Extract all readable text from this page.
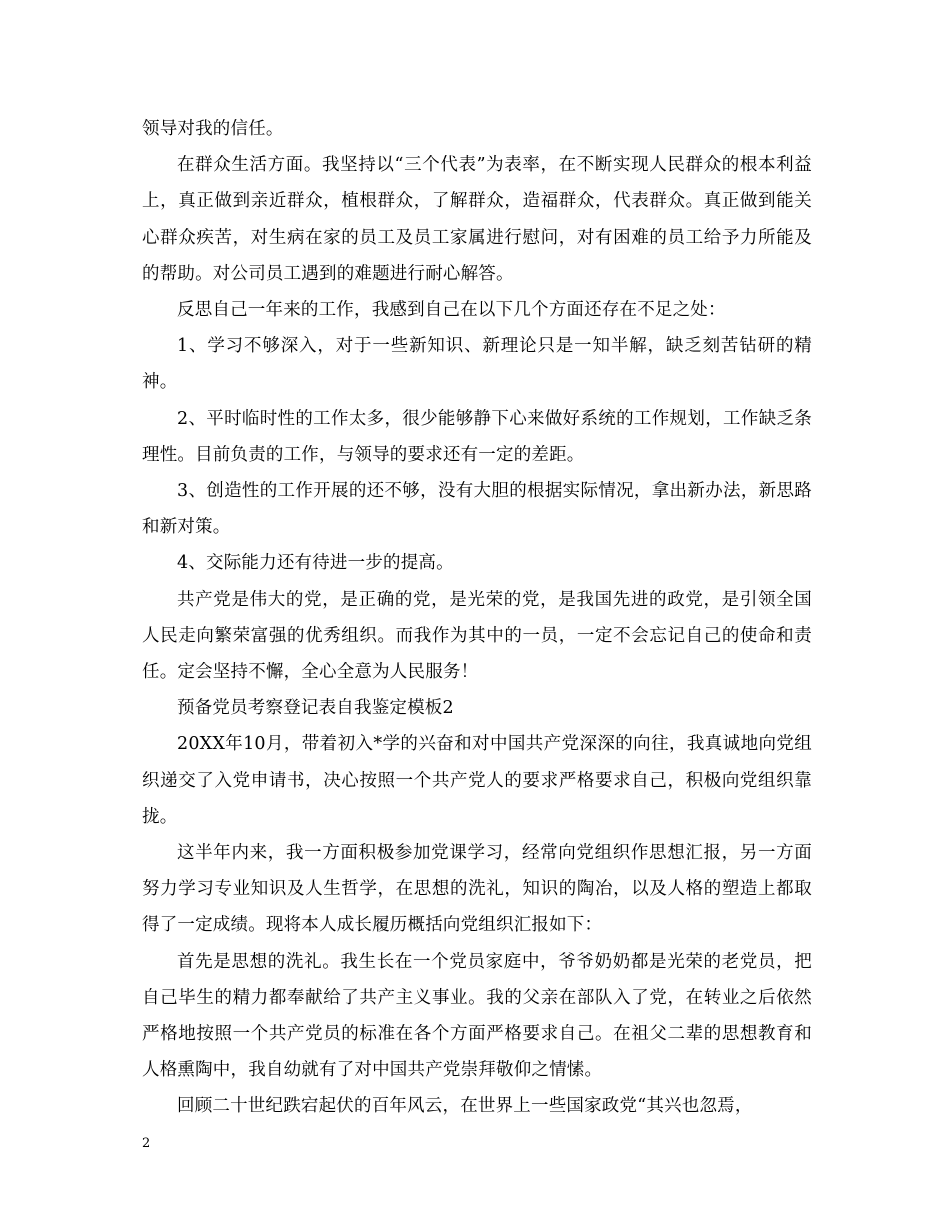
领导对我的信任。

在群众生活方面。我坚持以“三个代表”为表率，在不断实现人民群众的根本利益上，真正做到亲近群众，植根群众，了解群众，造福群众，代表群众。真正做到能关心群众疾苦，对生病在家的员工及员工家属进行慰问，对有困难的员工给予力所能及的帮助。对公司员工遇到的难题进行耐心解答。

反思自己一年来的工作，我感到自己在以下几个方面还存在不足之处：

1、学习不够深入，对于一些新知识、新理论只是一知半解，缺乏刻苦钻研的精神。

2、平时临时性的工作太多，很少能够静下心来做好系统的工作规划，工作缺乏条理性。目前负责的工作，与领导的要求还有一定的差距。

3、创造性的工作开展的还不够，没有大胆的根据实际情况，拿出新办法，新思路和新对策。

4、交际能力还有待进一步的提高。

共产党是伟大的党，是正确的党，是光荣的党，是我国先进的政党，是引领全国人民走向繁荣富强的优秀组织。而我作为其中的一员，一定不会忘记自己的使命和责任。定会坚持不懈，全心全意为人民服务！

预备党员考察登记表自我鉴定模板2

20XX年10月，带着初入*学的兴奋和对中国共产党深深的向往，我真诚地向党组织递交了入党申请书，决心按照一个共产党人的要求严格要求自己，积极向党组织靠拢。

这半年内来，我一方面积极参加党课学习，经常向党组织作思想汇报，另一方面努力学习专业知识及人生哲学，在思想的洗礼，知识的陶冶，以及人格的塑造上都取得了一定成绩。现将本人成长履历概括向党组织汇报如下：

首先是思想的洗礼。我生长在一个党员家庭中，爷爷奶奶都是光荣的老党员，把自己毕生的精力都奉献给了共产主义事业。我的父亲在部队入了党，在转业之后依然严格地按照一个共产党员的标准在各个方面严格要求自己。在祖父二辈的思想教育和人格熏陶中，我自幼就有了对中国共产党崇拜敬仰之情愫。

回顾二十世纪跌宕起伏的百年风云，在世界上一些国家政党“其兴也忽焉，

2
